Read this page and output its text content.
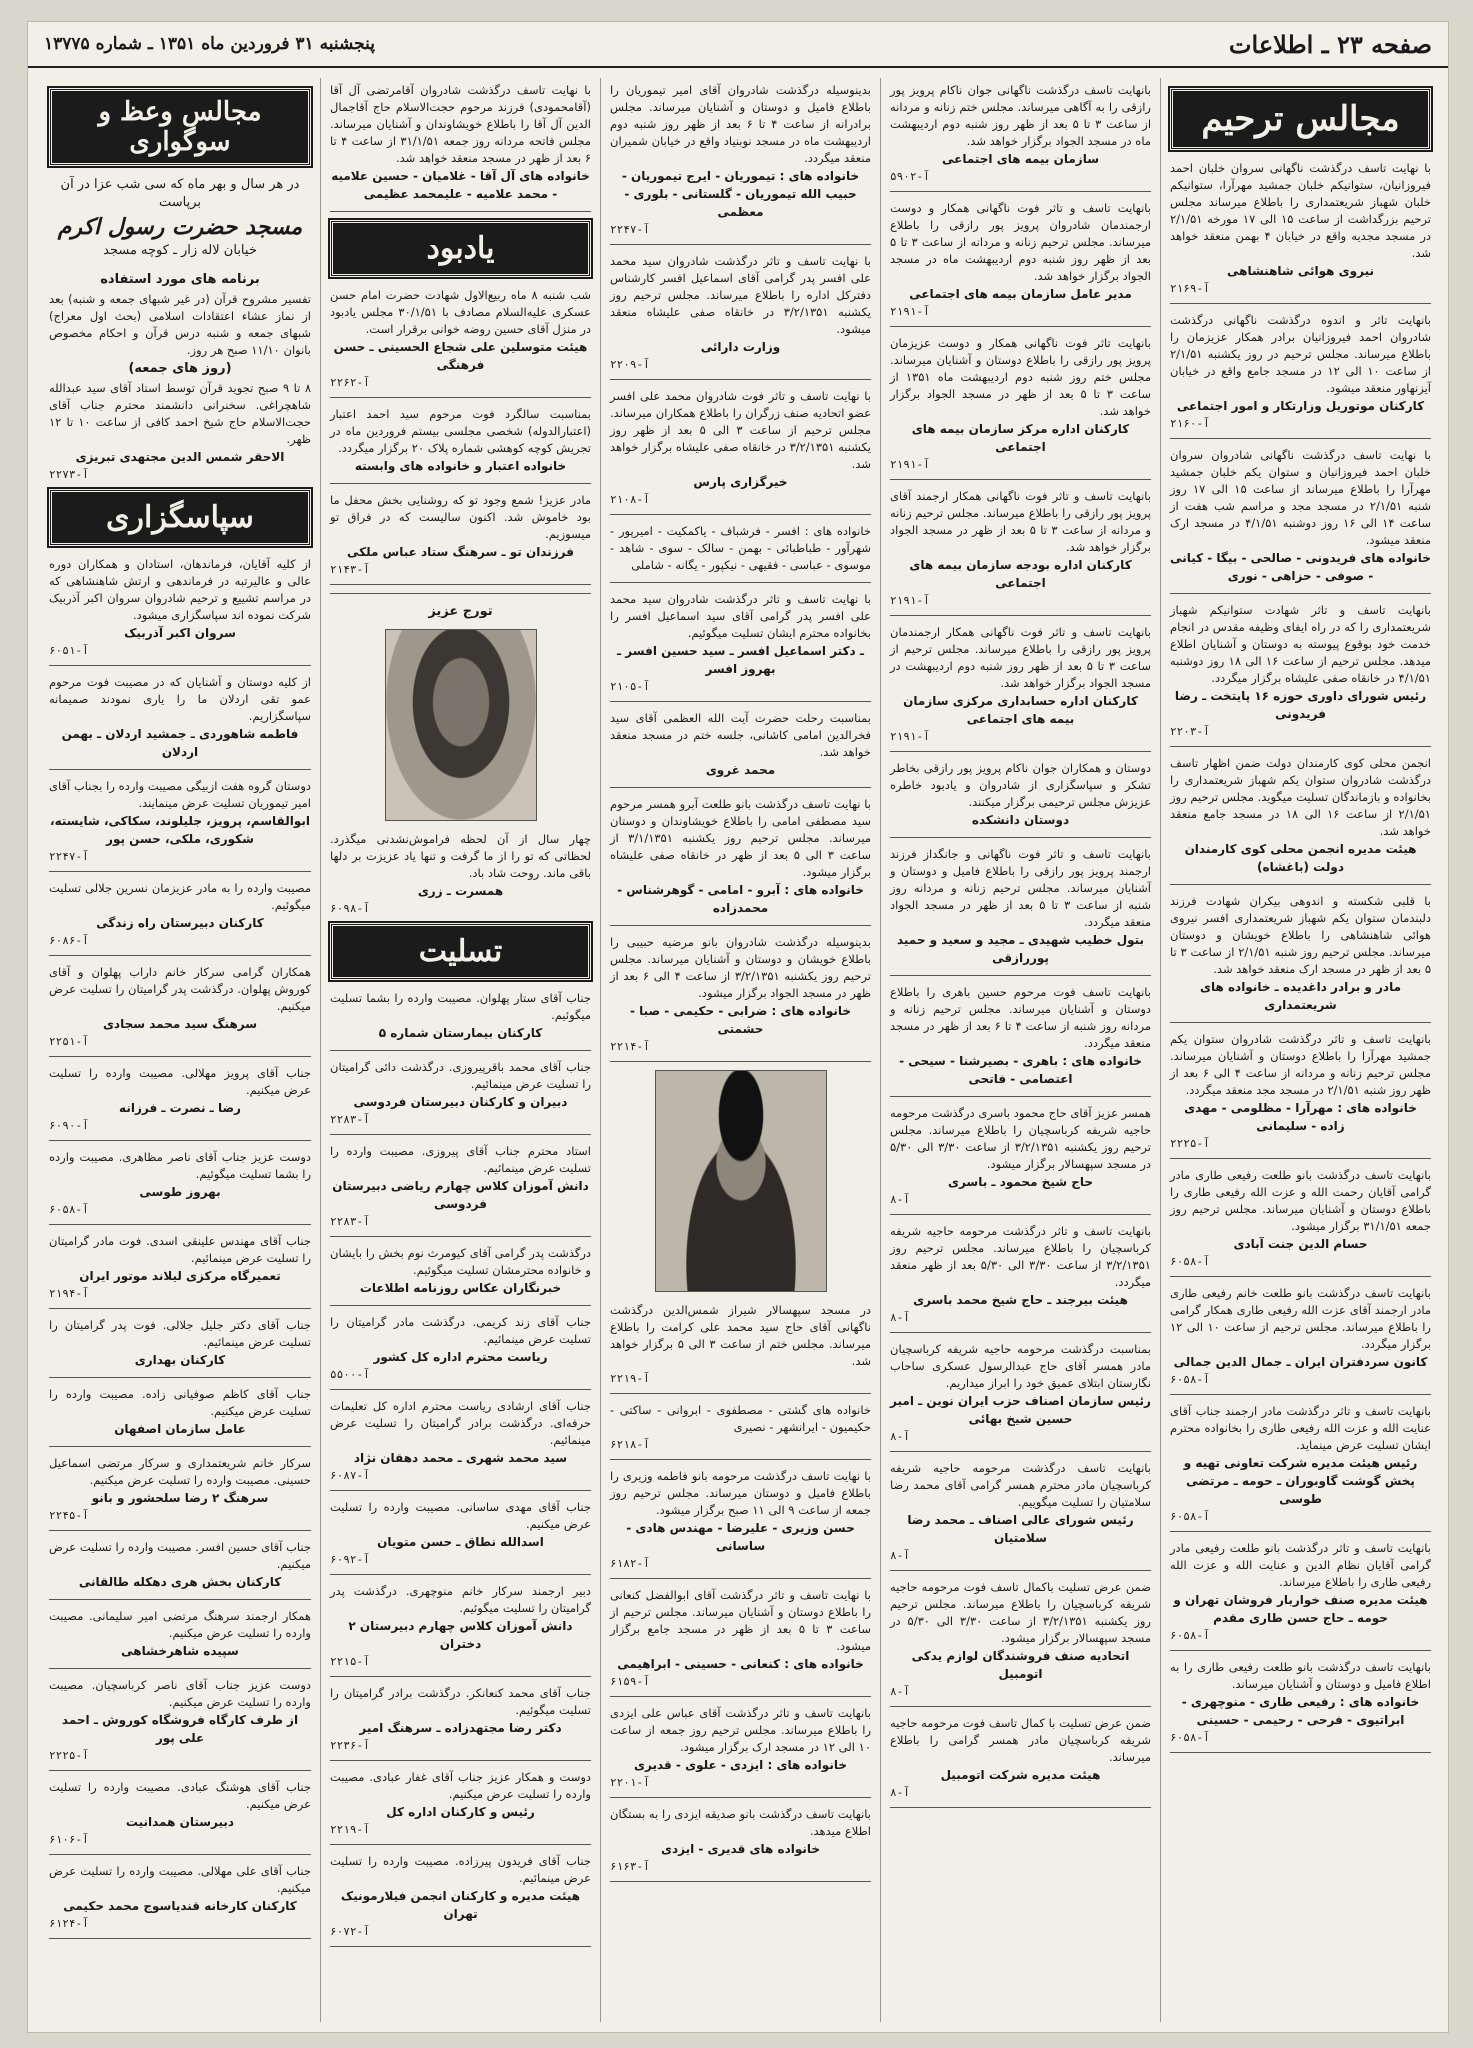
صفحه ۲۳ ـ اطلاعات
پنجشنبه ۳۱ فروردین ماه ۱۳۵۱ ـ شماره ۱۳۷۷۵
مجالس ترحیم

با نهایت تاسف درگذشت ناگهانی سروان خلبان احمد فیروزانیان، ستوانیکم خلبان جمشید مهرآرا، ستوانیکم خلبان شهباز شریعتمداری را باطلاع میرساند مجلس ترحیم بزرگداشت از ساعت ۱۵ الی ۱۷ مورخه ۲/۱/۵۱ در مسجد مجدیه واقع در خیابان ۴ بهمن منعقد خواهد شد.

نیروی هوائی شاهنشاهی
آ-۲۱۶۹

بانهایت تاثر و اندوه درگذشت ناگهانی درگذشت شادروان احمد فیروزانیان برادر همکار عزیزمان را باطلاع میرساند. مجلس ترحیم در روز یکشنبه ۲/۱/۵۱ از ساعت ۱۰ الی ۱۲ در مسجد جامع واقع در خیابان آیزنهاور منعقد میشود.

کارکنان موتوریل وزارتکار و امور اجتماعی
آ-۲۱۶۰

با نهایت تاسف درگذشت ناگهانی شادروان سروان خلبان احمد فیروزانیان و ستوان یکم خلبان جمشید مهرآرا را باطلاع میرساند از ساعت ۱۵ الی ۱۷ روز شنبه ۲/۱/۵۱ در مسجد مجد و مراسم شب هفت از ساعت ۱۴ الی ۱۶ روز دوشنبه ۴/۱/۵۱ در مسجد ارک منعقد میشود.

خانواده های فریدونی - صالحی - بیگا - کیانی - صوفی - حزاهی - نوری

بانهایت تاسف و تاثر شهادت ستوانیکم شهباز شریعتمداری را که در راه ایفای وظیفه مقدس در انجام خدمت خود بوقوع پیوسته به دوستان و آشنایان اطلاع میدهد. مجلس ترحیم از ساعت ۱۶ الی ۱۸ روز دوشنبه ۴/۱/۵۱ در خانقاه صفی علیشاه برگزار میگردد.

رئیس شورای داوری حوزه ۱۶ پایتخت ـ رضا فریدونی
آ-۲۲۰۳

انجمن محلی کوی کارمندان دولت ضمن اظهار تاسف درگذشت شادروان ستوان یکم شهباز شریعتمداری را بخانواده و بازماندگان تسلیت میگوید. مجلس ترحیم روز ۲/۱/۵۱ از ساعت ۱۶ الی ۱۸ در مسجد جامع منعقد خواهد شد.

هیئت مدیره انجمن محلی کوی کارمندان دولت (باغشاه)

با قلبی شکسته و اندوهی بیکران شهادت فرزند دلبندمان ستوان یکم شهباز شریعتمداری افسر نیروی هوائی شاهنشاهی را باطلاع خویشان و دوستان میرساند. مجلس ترحیم روز شنبه ۲/۱/۵۱ از ساعت ۳ تا ۵ بعد از ظهر در مسجد ارک منعقد خواهد شد.

مادر و برادر داغدیده ـ خانواده های شریعتمداری

بانهایت تاسف و تاثر درگذشت شادروان ستوان یکم جمشید مهرآرا را باطلاع دوستان و آشنایان میرساند. مجلس ترحیم زنانه و مردانه از ساعت ۴ الی ۶ بعد از ظهر روز شنبه ۲/۱/۵۱ در مسجد مجد منعقد میگردد.

خانواده های : مهرآرا - مظلومی - مهدی زاده - سلیمانی
آ-۲۲۲۵

بانهایت تاسف درگذشت بانو طلعت رفیعی طاری مادر گرامی آقایان رحمت الله و عزت الله رفیعی طاری را باطلاع دوستان و آشنایان میرساند. مجلس ترحیم روز جمعه ۳۱/۱/۵۱ برگزار میشود.

حسام الدین جنت آبادی
آ-۶۰۵۸

بانهایت تاسف درگذشت بانو طلعت خانم رفیعی طاری مادر ارجمند آقای عزت الله رفیعی طاری همکار گرامی را باطلاع میرساند. مجلس ترحیم از ساعت ۱۰ الی ۱۲ برگزار میگردد.

کانون سردفتران ایران ـ جمال الدین جمالی
آ-۶۰۵۸

بانهایت تاسف و تاثر درگذشت مادر ارجمند جناب آقای عنایت الله و عزت الله رفیعی طاری را بخانواده محترم ایشان تسلیت عرض مینماید.

رئیس هیئت مدیره شرکت تعاونی تهیه و پخش گوشت گاوبوران ـ حومه ـ مرتضی طوسی
آ-۶۰۵۸

بانهایت تاسف و تاثر درگذشت بانو طلعت رفیعی مادر گرامی آقایان نظام الدین و عنایت الله و عزت الله رفیعی طاری را باطلاع میرساند.

هیئت مدیره صنف خواربار فروشان تهران و حومه ـ حاج حسن طاری مقدم
آ-۶۰۵۸

بانهایت تاسف درگذشت بانو طلعت رفیعی طاری را به اطلاع فامیل و دوستان و آشنایان میرساند.

خانواده های : رفیعی طاری - منوچهری - ابراتیوی - فرحی - رحیمی - حسینی
آ-۶۰۵۸

بانهایت تاسف درگذشت ناگهانی جوان ناکام پرویز پور رازقی را به آگاهی میرساند. مجلس ختم زنانه و مردانه از ساعت ۳ تا ۵ بعد از ظهر روز شنبه دوم اردیبهشت ماه در مسجد الجواد برگزار خواهد شد.

سازمان بیمه های اجتماعی
آ-۵۹۰۲

بانهایت تاسف و تاثر فوت ناگهانی همکار و دوست ارجمندمان شادروان پرویز پور رازقی را باطلاع میرساند. مجلس ترحیم زنانه و مردانه از ساعت ۳ تا ۵ بعد از ظهر روز شنبه دوم اردیبهشت ماه در مسجد الجواد برگزار خواهد شد.

مدیر عامل سازمان بیمه های اجتماعی
آ-۲۱۹۱

بانهایت تاثر فوت ناگهانی همکار و دوست عزیزمان پرویز پور رازقی را باطلاع دوستان و آشنایان میرساند. مجلس ختم روز شنبه دوم اردیبهشت ماه ۱۳۵۱ از ساعت ۳ تا ۵ بعد از ظهر در مسجد الجواد برگزار خواهد شد.

کارکنان اداره مرکز سازمان بیمه های اجتماعی
آ-۲۱۹۱

بانهایت تاسف و تاثر فوت ناگهانی همکار ارجمند آقای پرویز پور رازقی را باطلاع میرساند. مجلس ترحیم زنانه و مردانه از ساعت ۳ تا ۵ بعد از ظهر در مسجد الجواد برگزار خواهد شد.

کارکنان اداره بودجه سازمان بیمه های اجتماعی
آ-۲۱۹۱

بانهایت تاسف و تاثر فوت ناگهانی همکار ارجمندمان پرویز پور رازقی را باطلاع میرساند. مجلس ترحیم از ساعت ۳ تا ۵ بعد از ظهر روز شنبه دوم اردیبهشت در مسجد الجواد برگزار خواهد شد.

کارکنان اداره حسابداری مرکزی سازمان بیمه های اجتماعی
آ-۲۱۹۱

دوستان و همکاران جوان ناکام پرویز پور رازقی بخاطر تشکر و سپاسگزاری از شادروان و یادبود خاطره عزیزش مجلس ترحیمی برگزار میکنند.

دوستان دانشکده

بانهایت تاسف و تاثر فوت ناگهانی و جانگداز فرزند ارجمند پرویز پور رازقی را باطلاع فامیل و دوستان و آشنایان میرساند. مجلس ترحیم زنانه و مردانه روز شنبه از ساعت ۳ تا ۵ بعد از ظهر در مسجد الجواد منعقد میگردد.

بتول خطیب شهیدی ـ مجید و سعید و حمید پوررازقی

بانهایت تاسف فوت مرحوم حسین باهری را باطلاع دوستان و آشنایان میرساند. مجلس ترحیم زنانه و مردانه روز شنبه از ساعت ۴ تا ۶ بعد از ظهر در مسجد منعقد میگردد.

خانواده های : باهری - بصیرشنا - سیحی - اعتصامی - فاتحی

همسر عزیز آقای حاج محمود باسری درگذشت مرحومه حاجیه شریفه کرباسچیان را باطلاع میرساند. مجلس ترحیم روز یکشنبه ۳/۲/۱۳۵۱ از ساعت ۳/۳۰ الی ۵/۳۰ در مسجد سپهسالار برگزار میشود.

حاج شیخ محمود ـ باسری
آ-۸

بانهایت تاسف و تاثر درگذشت مرحومه حاجیه شریفه کرباسچیان را باطلاع میرساند. مجلس ترحیم روز ۳/۲/۱۳۵۱ از ساعت ۳/۳۰ الی ۵/۳۰ بعد از ظهر منعقد میگردد.

هیئت بیرجند ـ حاج شیخ محمد باسری
آ-۸

بمناسبت درگذشت مرحومه حاجیه شریفه کرباسچیان مادر همسر آقای حاج عبدالرسول عسکری ساحاب نگارستان ابتلای عمیق خود را ابراز میداریم.

رئیس سازمان اصناف حزب ایران نوین ـ امیر حسین شیخ بهائی
آ-۸

بانهایت تاسف درگذشت مرحومه حاجیه شریفه کرباسچیان مادر محترم همسر گرامی آقای محمد رضا سلامتیان را تسلیت میگوییم.

رئیس شورای عالی اصناف ـ محمد رضا سلامتیان
آ-۸

ضمن عرض تسلیت باکمال تاسف فوت مرحومه حاجیه شریفه کرباسچیان را باطلاع میرساند. مجلس ترحیم روز یکشنبه ۳/۲/۱۳۵۱ از ساعت ۳/۳۰ الی ۵/۳۰ در مسجد سپهسالار برگزار میشود.

اتحادیه صنف فروشندگان لوازم یدکی اتومبیل
آ-۸

ضمن عرض تسلیت با کمال تاسف فوت مرحومه حاجیه شریفه کرباسچیان مادر همسر گرامی را باطلاع میرساند.

هیئت مدیره شرکت اتومبیل
آ-۸

بدینوسیله درگذشت شادروان آقای امیر تیموریان را باطلاع فامیل و دوستان و آشنایان میرساند. مجلس برادرانه از ساعت ۴ تا ۶ بعد از ظهر روز شنبه دوم اردیبهشت ماه در مسجد نوبنیاد واقع در خیابان شمیران منعقد میگردد.

خانواده های : تیموریان - ایرج تیموریان - حبیب الله تیموریان - گلستانی - بلوری - معظمی
آ-۲۲۴۷

با نهایت تاسف و تاثر درگذشت شادروان سید محمد علی افسر پدر گرامی آقای اسماعیل افسر کارشناس دفترکل اداره را باطلاع میرساند. مجلس ترحیم روز یکشنبه ۳/۲/۱۳۵۱ در خانقاه صفی علیشاه منعقد میشود.

وزارت دارائی
آ-۲۲۰۹

با نهایت تاسف و تاثر فوت شادروان محمد علی افسر عضو اتحادیه صنف زرگران را باطلاع همکاران میرساند. مجلس ترحیم از ساعت ۳ الی ۵ بعد از ظهر روز یکشنبه ۳/۲/۱۳۵۱ در خانقاه صفی علیشاه برگزار خواهد شد.

خیرگزاری پارس
آ-۲۱۰۸

خانواده های : افسر - فرشباف - یاکمکیت - امیرپور - شهرآور - طباطبائی - بهمن - سالک - سوی - شاهد - موسوی - عباسی - فقیهی - نیکپور - یگانه - شاملی

با نهایت تاسف و تاثر درگذشت شادروان سید محمد علی افسر پدر گرامی آقای سید اسماعیل افسر را بخانواده محترم ایشان تسلیت میگوئیم.

ـ دکتر اسماعیل افسر ـ سید حسین افسر ـ بهروز افسر
آ-۲۱۰۵

بمناسبت رحلت حضرت آیت الله العظمی آقای سید فخرالدین امامی کاشانی، جلسه ختم در مسجد منعقد خواهد شد.

محمد غروی

با نهایت تاسف درگذشت بانو طلعت آبرو همسر مرحوم سید مصطفی امامی را باطلاع خویشاوندان و دوستان میرساند. مجلس ترحیم روز یکشنبه ۳/۱/۱۳۵۱ از ساعت ۳ الی ۵ بعد از ظهر در خانقاه صفی علیشاه برگزار میشود.

خانواده های : آبرو - امامی - گوهرشناس - محمدزاده

بدینوسیله درگذشت شادروان بانو مرضیه حبیبی را باطلاع خویشان و دوستان و آشنایان میرساند. مجلس ترحیم روز یکشنبه ۳/۲/۱۳۵۱ از ساعت ۴ الی ۶ بعد از ظهر در مسجد الجواد برگزار میشود.

خانواده های : ضرابی - حکیمی - صبا - حشمتی
آ-۲۲۱۴

در مسجد سپهسالار شیراز شمس‌الدین درگذشت ناگهانی آقای حاج سید محمد علی کرامت را باطلاع میرساند. مجلس ختم از ساعت ۳ الی ۵ برگزار خواهد شد.

آ-۲۲۱۹

خانواده های گشتی - مصطفوی - ابروانی - ساکتی - حکیمیون - ایرانشهر - نصیری

آ-۶۲۱۸

با نهایت تاسف درگذشت مرحومه بانو فاطمه وزیری را باطلاع فامیل و دوستان میرساند. مجلس ترحیم روز جمعه از ساعت ۹ الی ۱۱ صبح برگزار میشود.

حسن وزیری - علیرضا - مهندس هادی - ساسانی
آ-۶۱۸۲

با نهایت تاسف و تاثر درگذشت آقای ابوالفضل کنعانی را باطلاع دوستان و آشنایان میرساند. مجلس ترحیم از ساعت ۳ تا ۵ بعد از ظهر در مسجد جامع برگزار میشود.

خانواده های : کنعانی - حسینی - ابراهیمی
آ-۶۱۵۹

بانهایت تاسف و تاثر درگذشت آقای عباس علی ایزدی را باطلاع میرساند. مجلس ترحیم روز جمعه از ساعت ۱۰ الی ۱۲ در مسجد ارک برگزار میشود.

خانواده های : ایزدی - علوی - قدیری
آ-۲۲۰۱

بانهایت تاسف درگذشت بانو صدیقه ایزدی را به بستگان اطلاع میدهد.

خانواده های قدیری - ایزدی
آ-۶۱۶۳

با نهایت تاسف درگذشت شادروان آقامرتضی آل آقا (آقامحمودی) فرزند مرحوم حجت‌الاسلام حاج آقاجمال الدین آل آقا را باطلاع خویشاوندان و آشنایان میرساند. مجلس فاتحه مردانه روز جمعه ۳۱/۱/۵۱ از ساعت ۴ تا ۶ بعد از ظهر در مسجد منعقد خواهد شد.

خانواده های آل آقا - غلامیان - حسین علامیه - محمد علامیه - علیمحمد عظیمی
یادبود

شب شنبه ۸ ماه ربیع‌الاول شهادت حضرت امام حسن عسکری علیه‌السلام مصادف با ۳۰/۱/۵۱ مجلس یادبود در منزل آقای حسین روضه خوانی برقرار است.

هیئت متوسلین علی شجاع الحسینی ـ حسن فرهنگی
آ-۲۲۶۲

بمناسبت سالگرد فوت مرحوم سید احمد اعتبار (اعتبارالدوله) شخصی مجلسی بیستم فروردین ماه در تجریش کوچه کوهشی شماره پلاک ۲۰ برگزار میگردد.

خانواده اعتبار و خانواده های وابسته

مادر عزیز! شمع وجود تو که روشنایی بخش محفل ما بود خاموش شد. اکنون سالیست که در فراق تو میسوزیم.

فرزندان تو ـ سرهنگ ستاد عباس ملکی
آ-۲۱۴۳
تورج عزیز

چهار سال از آن لحظه فراموش‌نشدنی میگذرد. لحظاتی که تو را از ما گرفت و تنها یاد عزیزت بر دلها باقی ماند. روحت شاد باد.

همسرت ـ زری
آ-۶۰۹۸
تسلیت

جناب آقای ستار پهلوان. مصیبت وارده را بشما تسلیت میگوئیم.

کارکنان بیمارستان شماره ۵

جناب آقای محمد باقرپیروزی. درگذشت دائی گرامیتان را تسلیت عرض مینمائیم.

دبیران و کارکنان دبیرستان فردوسی
آ-۲۲۸۳

استاد محترم جناب آقای پیروزی. مصیبت وارده را تسلیت عرض مینمائیم.

دانش آموزان کلاس چهارم ریاضی دبیرستان فردوسی
آ-۲۲۸۳

درگذشت پدر گرامی آقای کیومرث نوم بخش را بایشان و خانواده محترمشان تسلیت میگوئیم.

خبرنگاران عکاس روزنامه اطلاعات

جناب آقای زند کریمی. درگذشت مادر گرامیتان را تسلیت عرض مینمائیم.

ریاست محترم اداره کل کشور
آ-۵۵۰۰

جناب آقای ارشادی ریاست محترم اداره کل تعلیمات حرفه‌ای. درگذشت برادر گرامیتان را تسلیت عرض مینمائیم.

سید محمد شهری ـ محمد دهقان نژاد
آ-۶۰۸۷

جناب آقای مهدی ساسانی. مصیبت وارده را تسلیت عرض میکنیم.

اسدالله نطاق ـ حسن متویان
آ-۶۰۹۲

دبیر ارجمند سرکار خانم منوچهری. درگذشت پدر گرامیتان را تسلیت میگوئیم.

دانش آموزان کلاس چهارم دبیرستان ۲ دختران
آ-۲۲۱۵

جناب آقای محمد کنعانکر. درگذشت برادر گرامیتان را تسلیت میگوئیم.

دکتر رضا مجتهدزاده ـ سرهنگ امیر
آ-۲۲۳۶

دوست و همکار عزیز جناب آقای غفار عبادی. مصیبت وارده را تسلیت عرض میکنیم.

رئیس و کارکنان اداره کل
آ-۲۲۱۹

جناب آقای فریدون پیرزاده. مصیبت وارده را تسلیت عرض مینمائیم.

هیئت مدیره و کارکنان انجمن فیلارمونیک تهران
آ-۶۰۷۲
مجالس وعظ و سوگواری
در هر سال و بهر ماه که سی شب عزا در آن برپاست
مسجد حضرت رسول اکرم
خیابان لاله زار ـ کوچه مسجد
برنامه های مورد استفاده

تفسیر مشروح قرآن (در غیر شبهای جمعه و شنبه) بعد از نماز عشاء اعتقادات اسلامی (بحث اول معراج) شبهای جمعه و شنبه درس قرآن و احکام مخصوص بانوان ۱۱/۱۰ صبح هر روز.

(روز های جمعه)

۸ تا ۹ صبح تجوید قرآن توسط استاد آقای سید عبدالله شاهچراغی. سخنرانی دانشمند محترم جناب آقای حجت‌الاسلام حاج شیخ احمد کافی از ساعت ۱۰ تا ۱۲ ظهر.

الاحقر شمس الدین مجتهدی تبریزی
آ-۲۲۷۳
سپاسگزاری

از کلیه آقایان، فرماندهان، استادان و همکاران دوره عالی و عالیرتبه در فرماندهی و ارتش شاهنشاهی که در مراسم تشییع و ترحیم شادروان سروان اکبر آذربیک شرکت نموده اند سپاسگزاری میشود.

سروان اکبر آذربیک
آ-۶۰۵۱

از کلیه دوستان و آشنایان که در مصیبت فوت مرحوم عمو تقی اردلان ما را یاری نمودند صمیمانه سپاسگزاریم.

فاطمه شاهوردی ـ جمشید اردلان ـ بهمن اردلان

دوستان گروه هفت ازبیگی مصیبت وارده را بجناب آقای امیر تیموریان تسلیت عرض مینمایند.

ابوالقاسم، پرویز، جلیلوند، سکاکی، شایسته، شکوری، ملکی، حسن پور
آ-۲۲۴۷

مصیبت وارده را به مادر عزیزمان نسرین جلالی تسلیت میگوئیم.

کارکنان دبیرستان راه زندگی
آ-۶۰۸۶

همکاران گرامی سرکار خانم داراب پهلوان و آقای کوروش پهلوان. درگذشت پدر گرامیتان را تسلیت عرض میکنیم.

سرهنگ سید محمد سجادی
آ-۲۲۵۱

جناب آقای پرویز مهلالی. مصیبت وارده را تسلیت عرض میکنیم.

رضا ـ نصرت ـ فرزانه
آ-۶۰۹۰

دوست عزیز جناب آقای ناصر مظاهری. مصیبت وارده را بشما تسلیت میگوئیم.

بهروز طوسی
آ-۶۰۵۸

جناب آقای مهندس علینقی اسدی. فوت مادر گرامیتان را تسلیت عرض مینمائیم.

تعمیرگاه مرکزی لیلاند موتور ایران
آ-۲۱۹۴

جناب آقای دکتر جلیل جلالی. فوت پدر گرامیتان را تسلیت عرض مینمائیم.

کارکنان بهداری

جناب آقای کاظم صوفیانی زاده. مصیبت وارده را تسلیت عرض میکنیم.

عامل سازمان اصفهان

سرکار خانم شریعتمداری و سرکار مرتضی اسماعیل حسینی. مصیبت وارده را تسلیت عرض میکنیم.

سرهنگ ۲ رضا سلحشور و بانو
آ-۲۲۴۵

جناب آقای حسین افسر. مصیبت وارده را تسلیت عرض میکنیم.

کارکنان بخش هری دهکله طالقانی

همکار ارجمند سرهنگ مرتضی امیر سلیمانی. مصیبت وارده را تسلیت عرض میکنیم.

سپیده شاهرخشاهی

دوست عزیز جناب آقای ناصر کرباسچیان. مصیبت وارده را تسلیت عرض میکنیم.

از طرف کارگاه فروشگاه کوروش ـ احمد علی پور
آ-۲۲۲۵

جناب آقای هوشنگ عبادی. مصیبت وارده را تسلیت عرض میکنیم.

دبیرستان همدانیت
آ-۶۱۰۶

جناب آقای علی مهلالی. مصیبت وارده را تسلیت عرض میکنیم.

کارکنان کارخانه قندیاسوج محمد حکیمی
آ-۶۱۲۴
